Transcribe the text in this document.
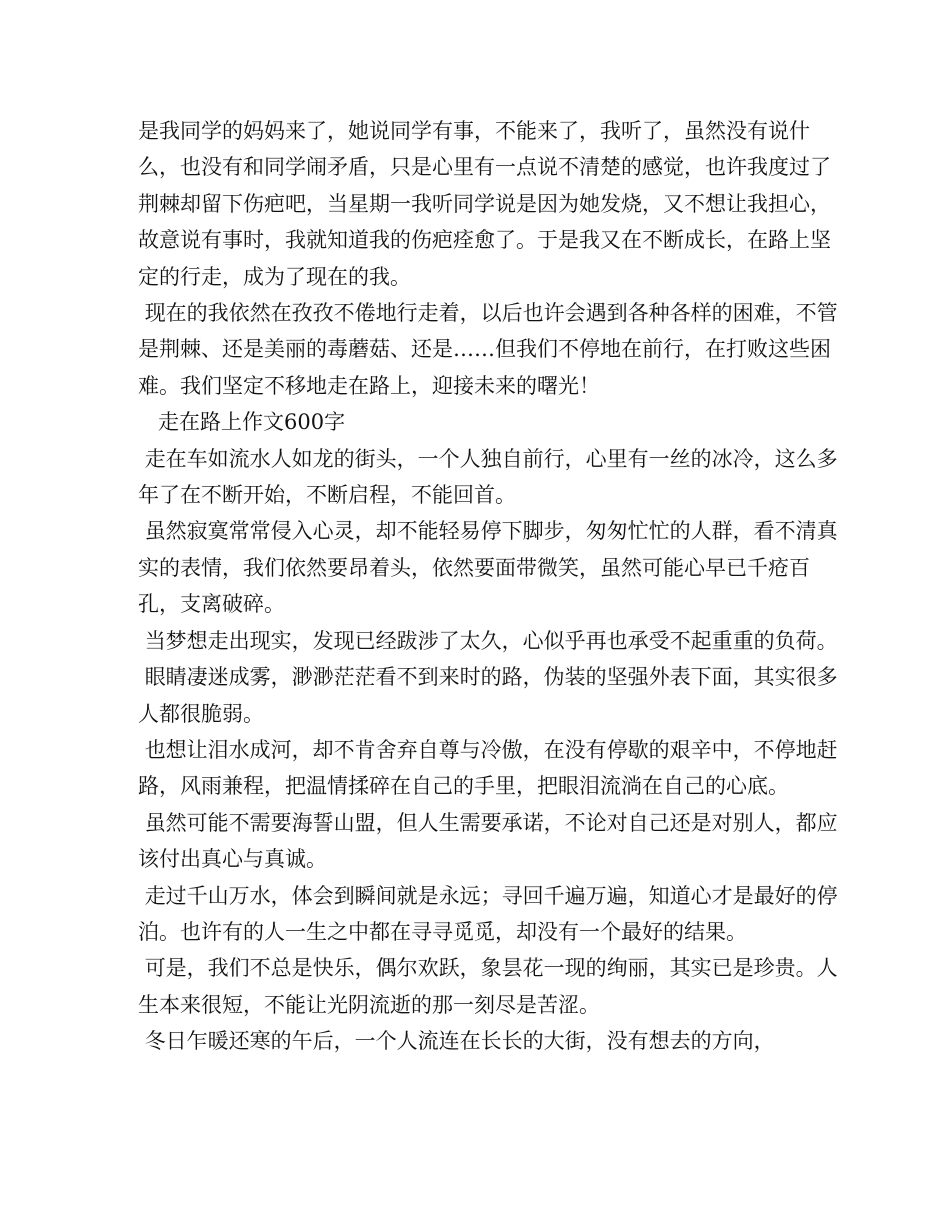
是我同学的妈妈来了，她说同学有事，不能来了，我听了，虽然没有说什么，也没有和同学闹矛盾，只是心里有一点说不清楚的感觉，也许我度过了荆棘却留下伤疤吧，当星期一我听同学说是因为她发烧，又不想让我担心，故意说有事时，我就知道我的伤疤痊愈了。于是我又在不断成长，在路上坚定的行走，成为了现在的我。

现在的我依然在孜孜不倦地行走着，以后也许会遇到各种各样的困难，不管是荆棘、还是美丽的毒蘑菇、还是……但我们不停地在前行，在打败这些困难。我们坚定不移地走在路上，迎接未来的曙光！

走在路上作文600字

走在车如流水人如龙的街头，一个人独自前行，心里有一丝的冰冷，这么多年了在不断开始，不断启程，不能回首。

虽然寂寞常常侵入心灵，却不能轻易停下脚步，匆匆忙忙的人群，看不清真实的表情，我们依然要昂着头，依然要面带微笑，虽然可能心早已千疮百孔，支离破碎。

当梦想走出现实，发现已经跋涉了太久，心似乎再也承受不起重重的负荷。

眼睛凄迷成雾，渺渺茫茫看不到来时的路，伪装的坚强外表下面，其实很多人都很脆弱。

也想让泪水成河，却不肯舍弃自尊与冷傲，在没有停歇的艰辛中，不停地赶路，风雨兼程，把温情揉碎在自己的手里，把眼泪流淌在自己的心底。

虽然可能不需要海誓山盟，但人生需要承诺，不论对自己还是对别人，都应该付出真心与真诚。

走过千山万水，体会到瞬间就是永远；寻回千遍万遍，知道心才是最好的停泊。也许有的人一生之中都在寻寻觅觅，却没有一个最好的结果。

可是，我们不总是快乐，偶尔欢跃，象昙花一现的绚丽，其实已是珍贵。人生本来很短，不能让光阴流逝的那一刻尽是苦涩。

冬日乍暖还寒的午后，一个人流连在长长的大街，没有想去的方向，
